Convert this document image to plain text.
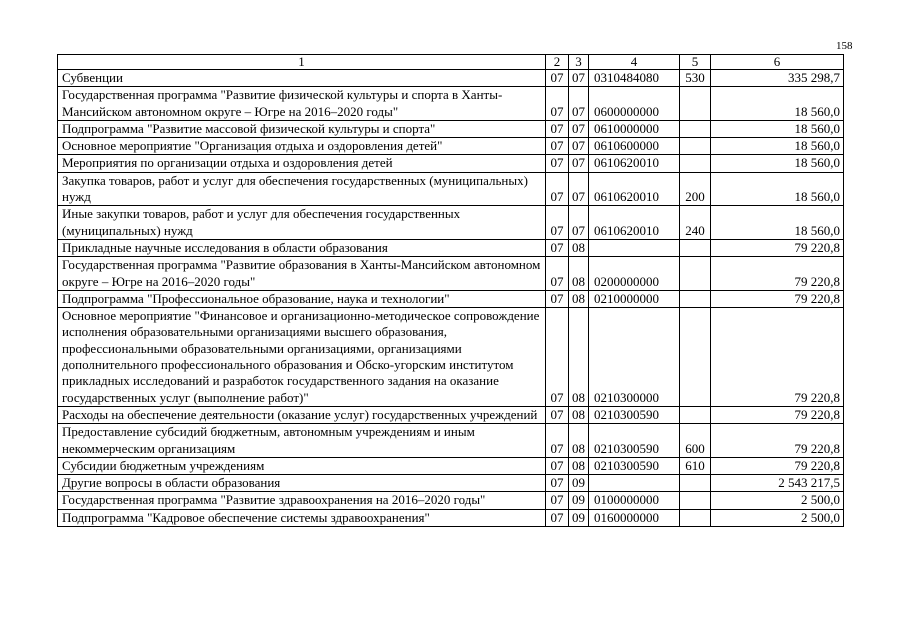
158
1	2	3	4	5	6
Субвенции	07	07	0310484080	530	335 298,7
Государственная программа "Развитие физической культуры и спорта в Ханты-Мансийском автономном округе – Югре на 2016–2020 годы"	07	07	0600000000		18 560,0
Подпрограмма "Развитие массовой физической культуры и спорта"	07	07	0610000000		18 560,0
Основное мероприятие "Организация отдыха и оздоровления детей"	07	07	0610600000		18 560,0
Мероприятия по организации отдыха и оздоровления детей	07	07	0610620010		18 560,0
Закупка товаров, работ и услуг для обеспечения государственных (муниципальных) нужд	07	07	0610620010	200	18 560,0
Иные закупки товаров, работ и услуг для обеспечения государственных (муниципальных) нужд	07	07	0610620010	240	18 560,0
Прикладные научные исследования в области образования	07	08			79 220,8
Государственная программа "Развитие образования в Ханты-Мансийском автономном округе – Югре на 2016–2020 годы"	07	08	0200000000		79 220,8
Подпрограмма "Профессиональное образование, наука и технологии"	07	08	0210000000		79 220,8
Основное мероприятие "Финансовое и организационно-методическое сопровождение исполнения образовательными организациями высшего образования, профессиональными образовательными организациями, организациями дополнительного профессионального образования и Обско-угорским институтом прикладных исследований и разработок государственного задания на оказание государственных услуг (выполнение работ)"	07	08	0210300000		79 220,8
Расходы на обеспечение деятельности (оказание услуг) государственных учреждений	07	08	0210300590		79 220,8
Предоставление субсидий бюджетным, автономным учреждениям и иным некоммерческим организациям	07	08	0210300590	600	79 220,8
Субсидии бюджетным учреждениям	07	08	0210300590	610	79 220,8
Другие вопросы в области образования	07	09			2 543 217,5
Государственная программа "Развитие здравоохранения на 2016–2020 годы"	07	09	0100000000		2 500,0
Подпрограмма "Кадровое обеспечение системы здравоохранения"	07	09	0160000000		2 500,0
